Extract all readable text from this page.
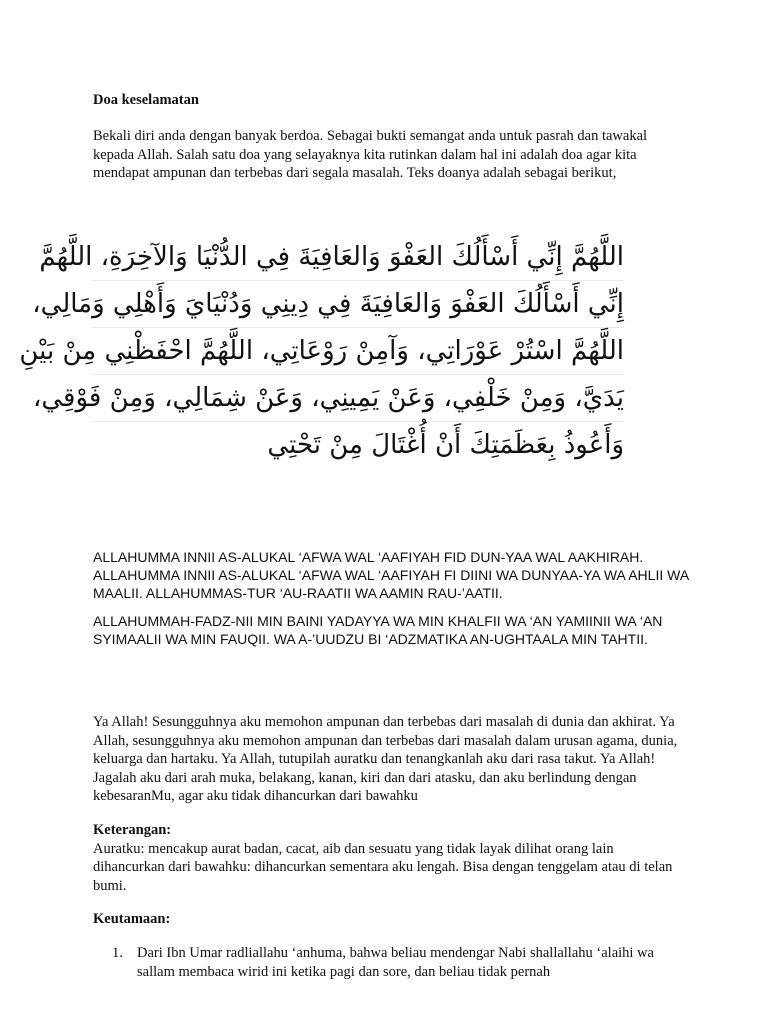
Doa keselamatan

Bekali diri anda dengan banyak berdoa. Sebagai bukti semangat anda untuk pasrah dan tawakal kepada Allah. Salah satu doa yang selayaknya kita rutinkan dalam hal ini adalah doa agar kita mendapat ampunan dan terbebas dari segala masalah. Teks doanya adalah sebagai berikut,

اللَّهُمَّ إِنِّي أَسْأَلُكَ العَفْوَ وَالعَافِيَةَ فِي الدُّنْيَا وَالآخِرَةِ، اللَّهُمَّ
إِنِّي أَسْأَلُكَ العَفْوَ وَالعَافِيَةَ فِي دِينِي وَدُنْيَايَ وَأَهْلِي وَمَالِي،
اللَّهُمَّ اسْتُرْ عَوْرَاتِي، وَآمِنْ رَوْعَاتِي، اللَّهُمَّ احْفَظْنِي مِنْ بَيْنِ
يَدَيَّ، وَمِنْ خَلْفِي، وَعَنْ يَمِينِي، وَعَنْ شِمَالِي، وَمِنْ فَوْقِي،
وَأَعُوذُ بِعَظَمَتِكَ أَنْ أُغْتَالَ مِنْ تَحْتِي

ALLAHUMMA INNII AS-ALUKAL ‘AFWA WAL ‘AAFIYAH FID DUN-YAA WAL AAKHIRAH. ALLAHUMMA INNII AS-ALUKAL ‘AFWA WAL ‘AAFIYAH FI DIINI WA DUNYAA-YA WA AHLII WA MAALII. ALLAHUMMAS-TUR ‘AU-RAATII WA AAMIN RAU-’AATII.

ALLAHUMMAH-FADZ-NII MIN BAINI YADAYYA WA MIN KHALFII WA ‘AN YAMIINII WA ‘AN SYIMAALII WA MIN FAUQII. WA A-’UUDZU BI ‘ADZMATIKA AN-UGHTAALA MIN TAHTII.

Ya Allah! Sesungguhnya aku memohon ampunan dan terbebas dari masalah di dunia dan akhirat. Ya Allah, sesungguhnya aku memohon ampunan dan terbebas dari masalah dalam urusan agama, dunia, keluarga dan hartaku. Ya Allah, tutupilah auratku dan tenangkanlah aku dari rasa takut. Ya Allah! Jagalah aku dari arah muka, belakang, kanan, kiri dan dari atasku, dan aku berlindung dengan kebesaranMu, agar aku tidak dihancurkan dari bawahku

Keterangan:
Auratku: mencakup aurat badan, cacat, aib dan sesuatu yang tidak layak dilihat orang lain dihancurkan dari bawahku: dihancurkan sementara aku lengah. Bisa dengan tenggelam atau di telan bumi.

Keutamaan:
1. Dari Ibn Umar radliallahu ‘anhuma, bahwa beliau mendengar Nabi shallallahu ‘alaihi wa sallam membaca wirid ini ketika pagi dan sore, dan beliau tidak pernah
